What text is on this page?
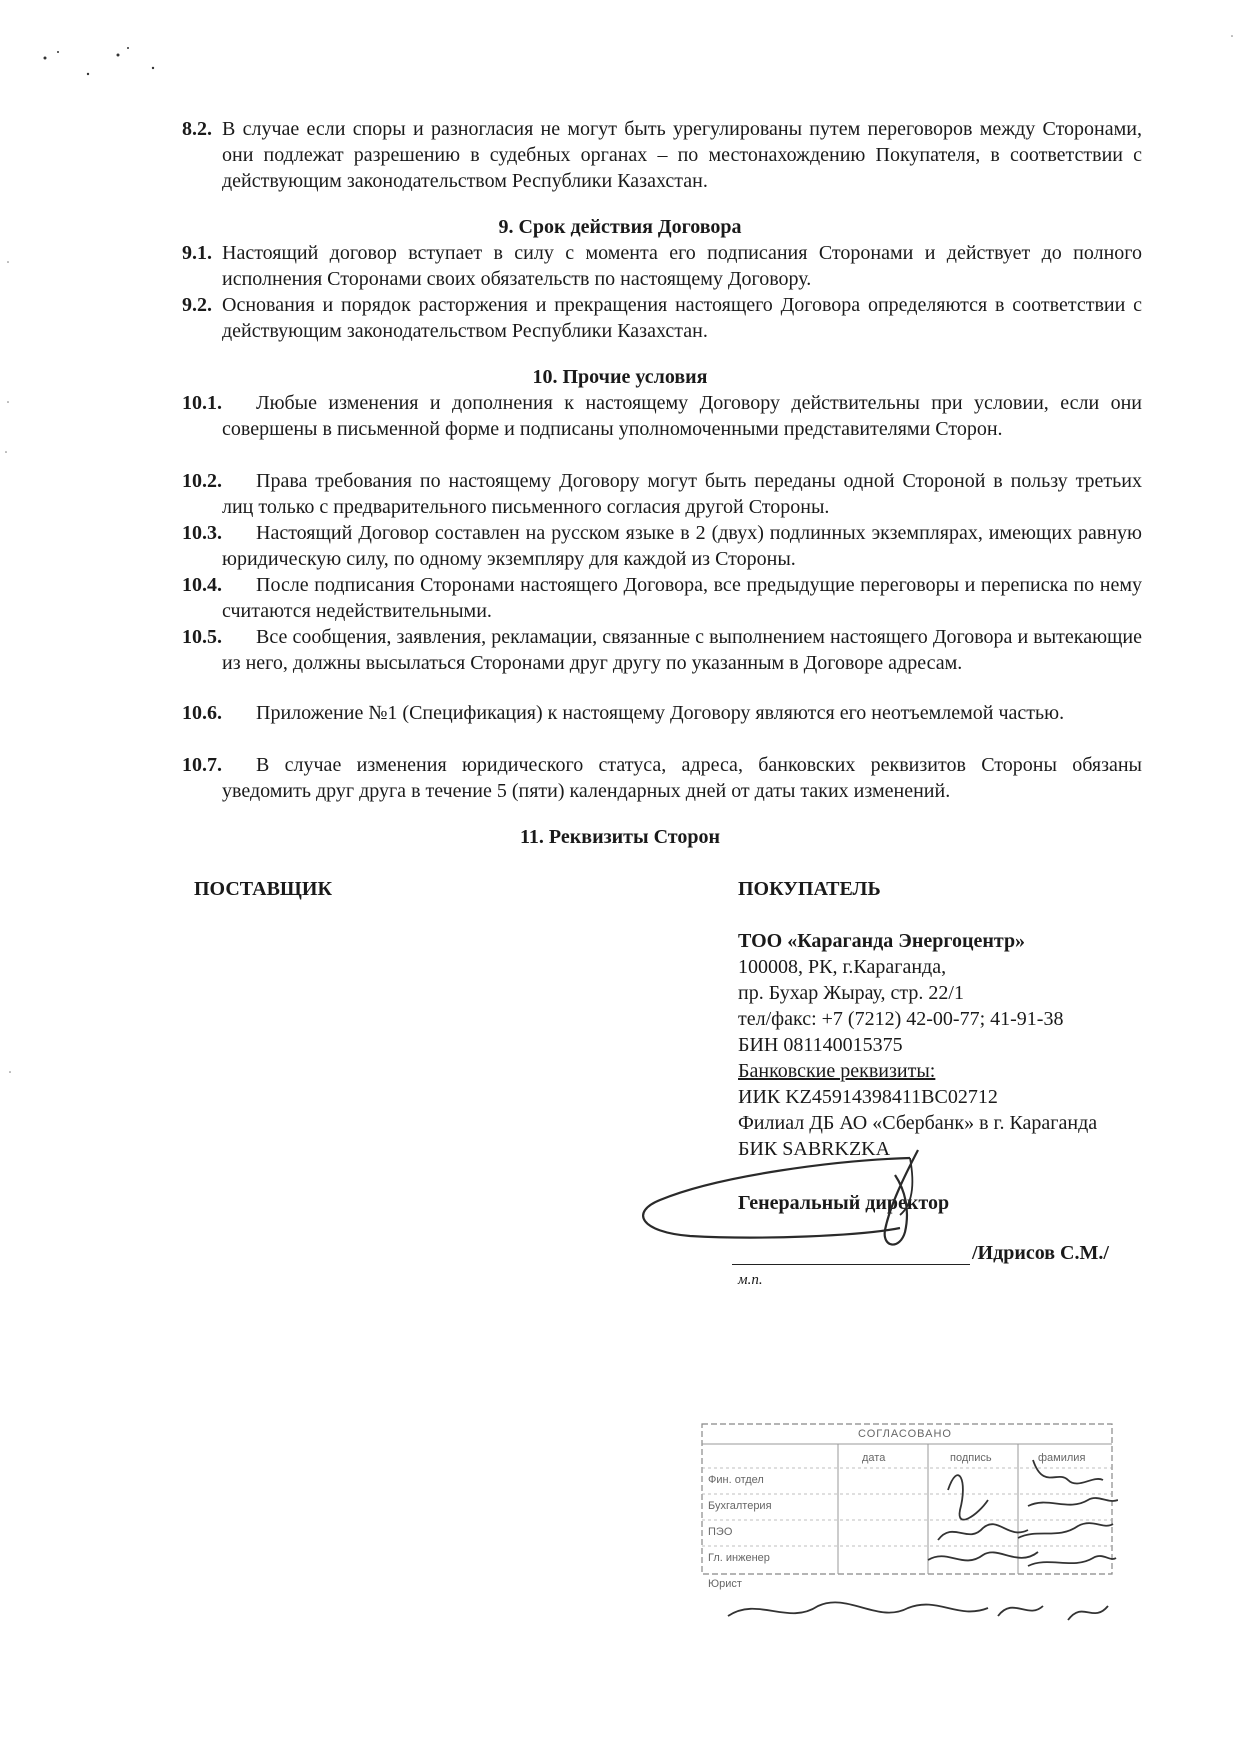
8.2. В случае если споры и разногласия не могут быть урегулированы путем переговоров между Сторонами, они подлежат разрешению в судебных органах – по местонахождению Покупателя, в соответствии с действующим законодательством Республики Казахстан.
9. Срок действия Договора
9.1. Настоящий договор вступает в силу с момента его подписания Сторонами и действует до полного исполнения Сторонами своих обязательств по настоящему Договору.
9.2. Основания и порядок расторжения и прекращения настоящего Договора определяются в соответствии с действующим законодательством Республики Казахстан.
10. Прочие условия
10.1.	Любые изменения и дополнения к настоящему Договору действительны при условии, если они совершены в письменной форме и подписаны уполномоченными представителями Сторон.
10.2.	Права требования по настоящему Договору могут быть переданы одной Стороной в пользу третьих лиц только с предварительного письменного согласия другой Стороны.
10.3.	Настоящий Договор составлен на русском языке в 2 (двух) подлинных экземплярах, имеющих равную юридическую силу, по одному экземпляру для каждой из Стороны.
10.4.	После подписания Сторонами настоящего Договора, все предыдущие переговоры и переписка по нему считаются недействительными.
10.5.	Все сообщения, заявления, рекламации, связанные с выполнением настоящего Договора и вытекающие из него, должны высылаться Сторонами друг другу по указанным в Договоре адресам.
10.6.	Приложение №1 (Спецификация) к настоящему Договору являются его неотъемлемой частью.
10.7.	В случае изменения юридического статуса, адреса, банковских реквизитов Стороны обязаны уведомить друг друга в течение 5 (пяти) календарных дней от даты таких изменений.
11. Реквизиты Сторон
ПОСТАВЩИК	ПОКУПАТЕЛЬ
ТОО «Караганда Энергоцентр»
100008, РК, г.Караганда,
пр. Бухар Жырау, стр. 22/1
тел/факс: +7 (7212) 42-00-77; 41-91-38
БИН 081140015375
Банковские реквизиты:
ИИК KZ45914398411BC02712
Филиал ДБ АО «Сбербанк» в г. Караганда
БИК SABRKZKA
Генеральный директор
/Идрисов С.М./
м.п.
СОГЛАСОВАНО
дата	подпись	фамилия
Фин. отдел
Бухгалтерия
ПЭО
Гл. инженер
Юрист
